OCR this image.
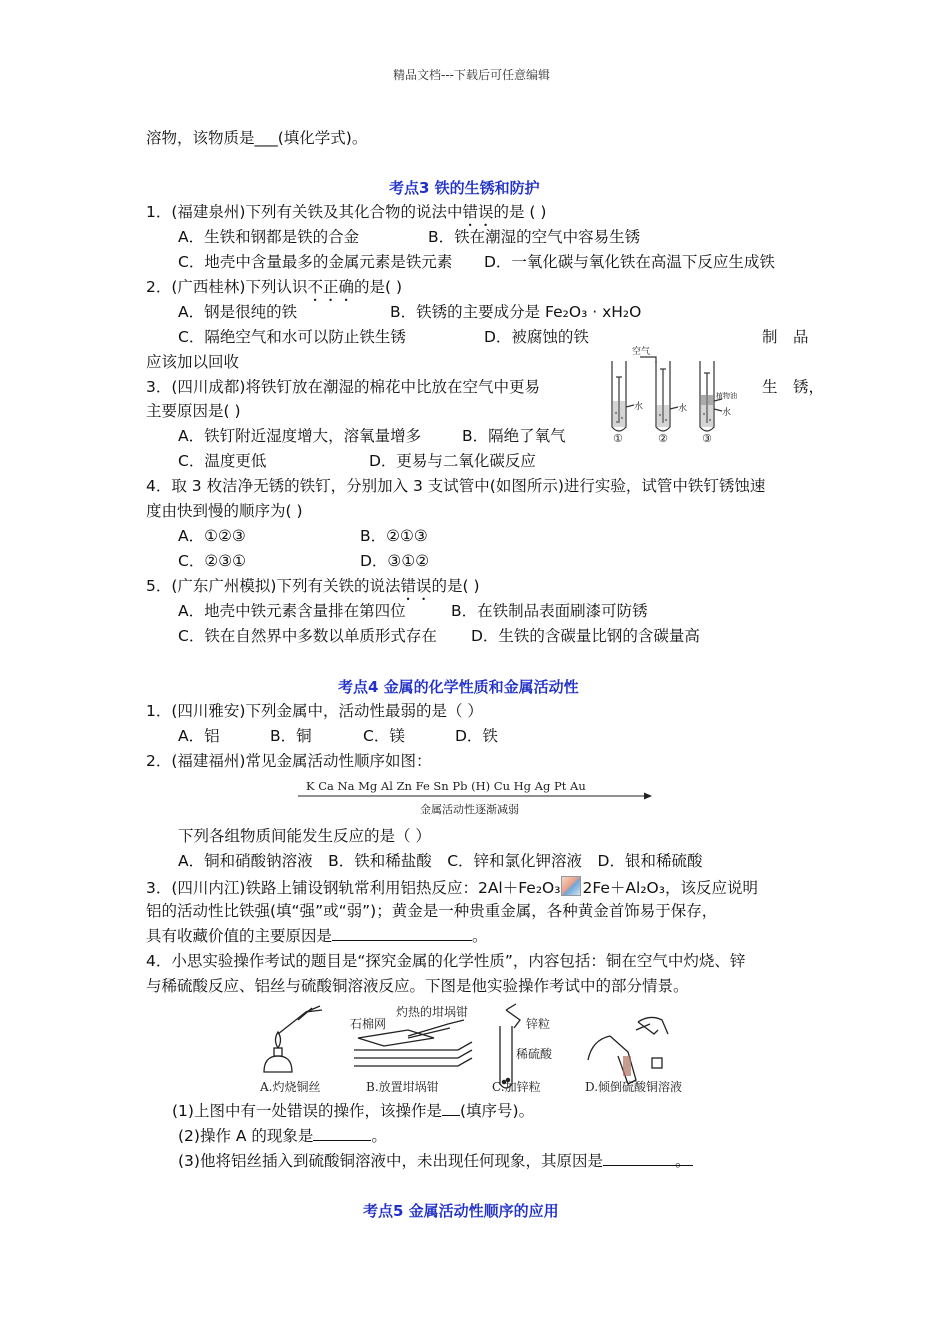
精品文档---下载后可任意编辑
溶物，该物质是___(填化学式)。
考点3 铁的生锈和防护
1．(福建泉州)下列有关铁及其化合物的说法中错误的是 ( )
A．生铁和钢都是铁的合金	B．铁在潮湿的空气中容易生锈
C．地壳中含量最多的金属元素是铁元素 D．一氧化碳与氧化铁在高温下反应生成铁
2．(广西桂林)下列认识不正确的是( )
A．钢是很纯的铁	B．铁锈的主要成分是 Fe₂O₃ · xH₂O
C．隔绝空气和水可以防止铁生锈	D．被腐蚀的铁	制　品
应该加以回收
3．(四川成都)将铁钉放在潮湿的棉花中比放在空气中更易	生　锈，
主要原因是( )
A．铁钉附近湿度增大，溶氧量增多	B．隔绝了氧气
C．温度更低	D．更易与二氧化碳反应
空气
水	水
植物油
水
①	②	③
4．取 3 枚洁净无锈的铁钉，分别加入 3 支试管中(如图所示)进行实验，试管中铁钉锈蚀速
度由快到慢的顺序为( )
A．①②③	B．②①③
C．②③①	D．③①②
5．(广东广州模拟)下列有关铁的说法错误的是( )
A．地壳中铁元素含量排在第四位	B．在铁制品表面刷漆可防锈
C．铁在自然界中多数以单质形式存在 D．生铁的含碳量比钢的含碳量高
考点4 金属的化学性质和金属活动性
1．(四川雅安)下列金属中，活动性最弱的是（ ）
A．铝	B．铜	C．镁	D．铁
2．(福建福州)常见金属活动性顺序如图：
K Ca Na Mg Al Zn Fe Sn Pb (H) Cu Hg Ag Pt Au
金属活动性逐渐减弱
下列各组物质间能发生反应的是（ ）
A．铜和硝酸钠溶液　B．铁和稀盐酸　C．锌和氯化钾溶液　D．银和稀硫酸
3．(四川内江)铁路上铺设钢轨常利用铝热反应：2Al＋Fe₂O₃ 2Fe＋Al₂O₃，该反应说明
铝的活动性比铁强(填“强”或“弱”)；黄金是一种贵重金属，各种黄金首饰易于保存，
具有收藏价值的主要原因是	。
4．小思实验操作考试的题目是“探究金属的化学性质”，内容包括：铜在空气中灼烧、锌
与稀硫酸反应、铝丝与硫酸铜溶液反应。下图是他实验操作考试中的部分情景。
石棉网
灼热的坩埚钳
锌粒
稀硫酸
A.灼烧铜丝	B.放置坩埚钳	C.加锌粒	D.倾倒硫酸铜溶液
(1)上图中有一处错误的操作，该操作是 (填序号)。
(2)操作 A 的现象是	。
(3)他将铝丝插入到硫酸铜溶液中，未出现任何现象，其原因是	。
考点5 金属活动性顺序的应用
